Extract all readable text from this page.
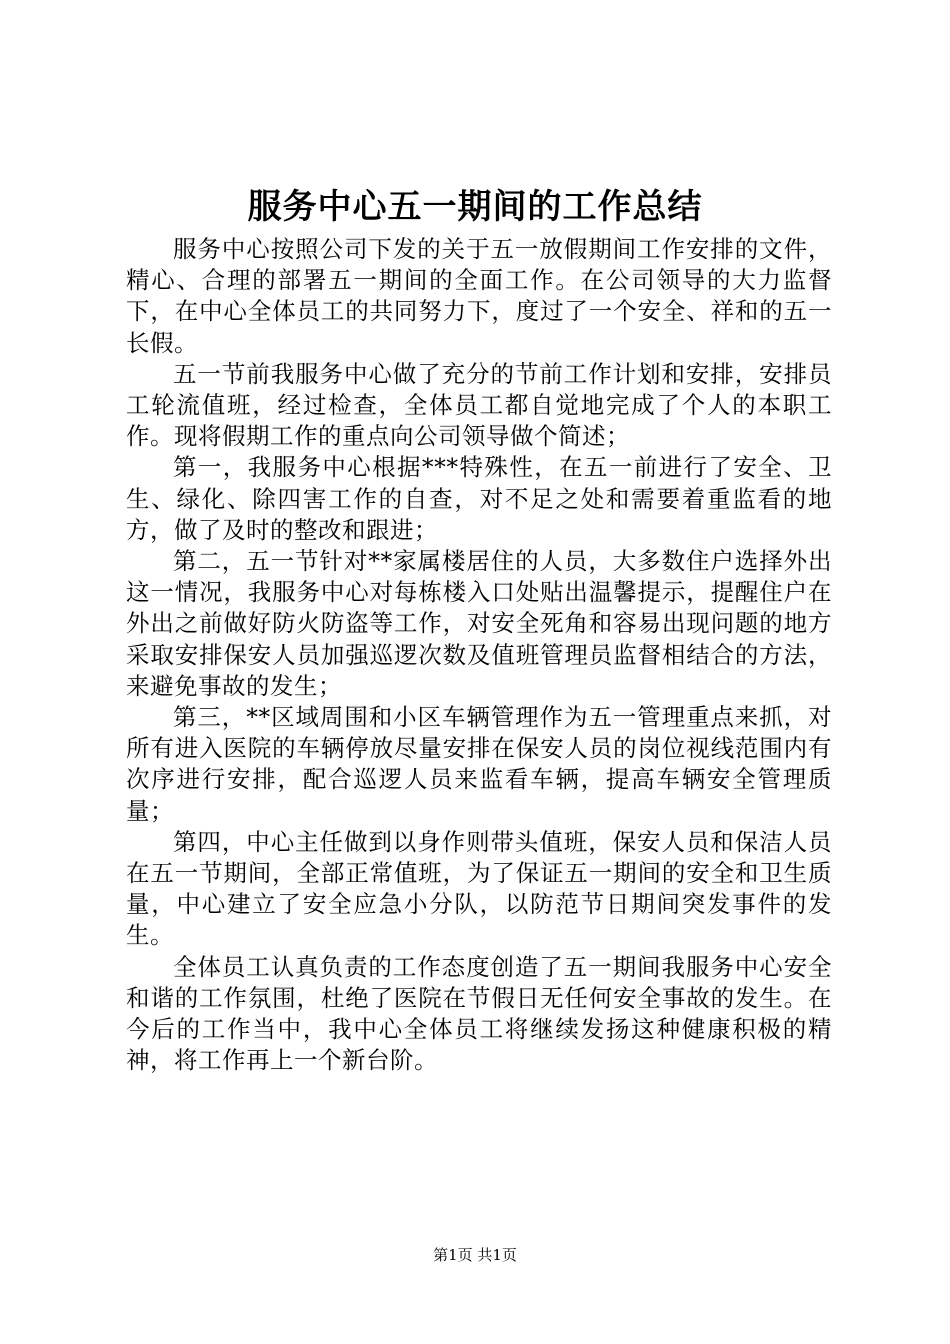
服务中心五一期间的工作总结

服务中心按照公司下发的关于五一放假期间工作安排的文件，精心、合理的部署五一期间的全面工作。在公司领导的大力监督下，在中心全体员工的共同努力下，度过了一个安全、祥和的五一长假。

五一节前我服务中心做了充分的节前工作计划和安排，安排员工轮流值班，经过检查，全体员工都自觉地完成了个人的本职工作。现将假期工作的重点向公司领导做个简述；

第一，我服务中心根据***特殊性，在五一前进行了安全、卫生、绿化、除四害工作的自查，对不足之处和需要着重监看的地方，做了及时的整改和跟进；

第二，五一节针对**家属楼居住的人员，大多数住户选择外出这一情况，我服务中心对每栋楼入口处贴出温馨提示，提醒住户在外出之前做好防火防盗等工作，对安全死角和容易出现问题的地方采取安排保安人员加强巡逻次数及值班管理员监督相结合的方法，来避免事故的发生；

第三，**区域周围和小区车辆管理作为五一管理重点来抓，对所有进入医院的车辆停放尽量安排在保安人员的岗位视线范围内有次序进行安排，配合巡逻人员来监看车辆，提高车辆安全管理质量；

第四，中心主任做到以身作则带头值班，保安人员和保洁人员在五一节期间，全部正常值班，为了保证五一期间的安全和卫生质量，中心建立了安全应急小分队，以防范节日期间突发事件的发生。

全体员工认真负责的工作态度创造了五一期间我服务中心安全和谐的工作氛围，杜绝了医院在节假日无任何安全事故的发生。在今后的工作当中，我中心全体员工将继续发扬这种健康积极的精神，将工作再上一个新台阶。

第1页 共1页
